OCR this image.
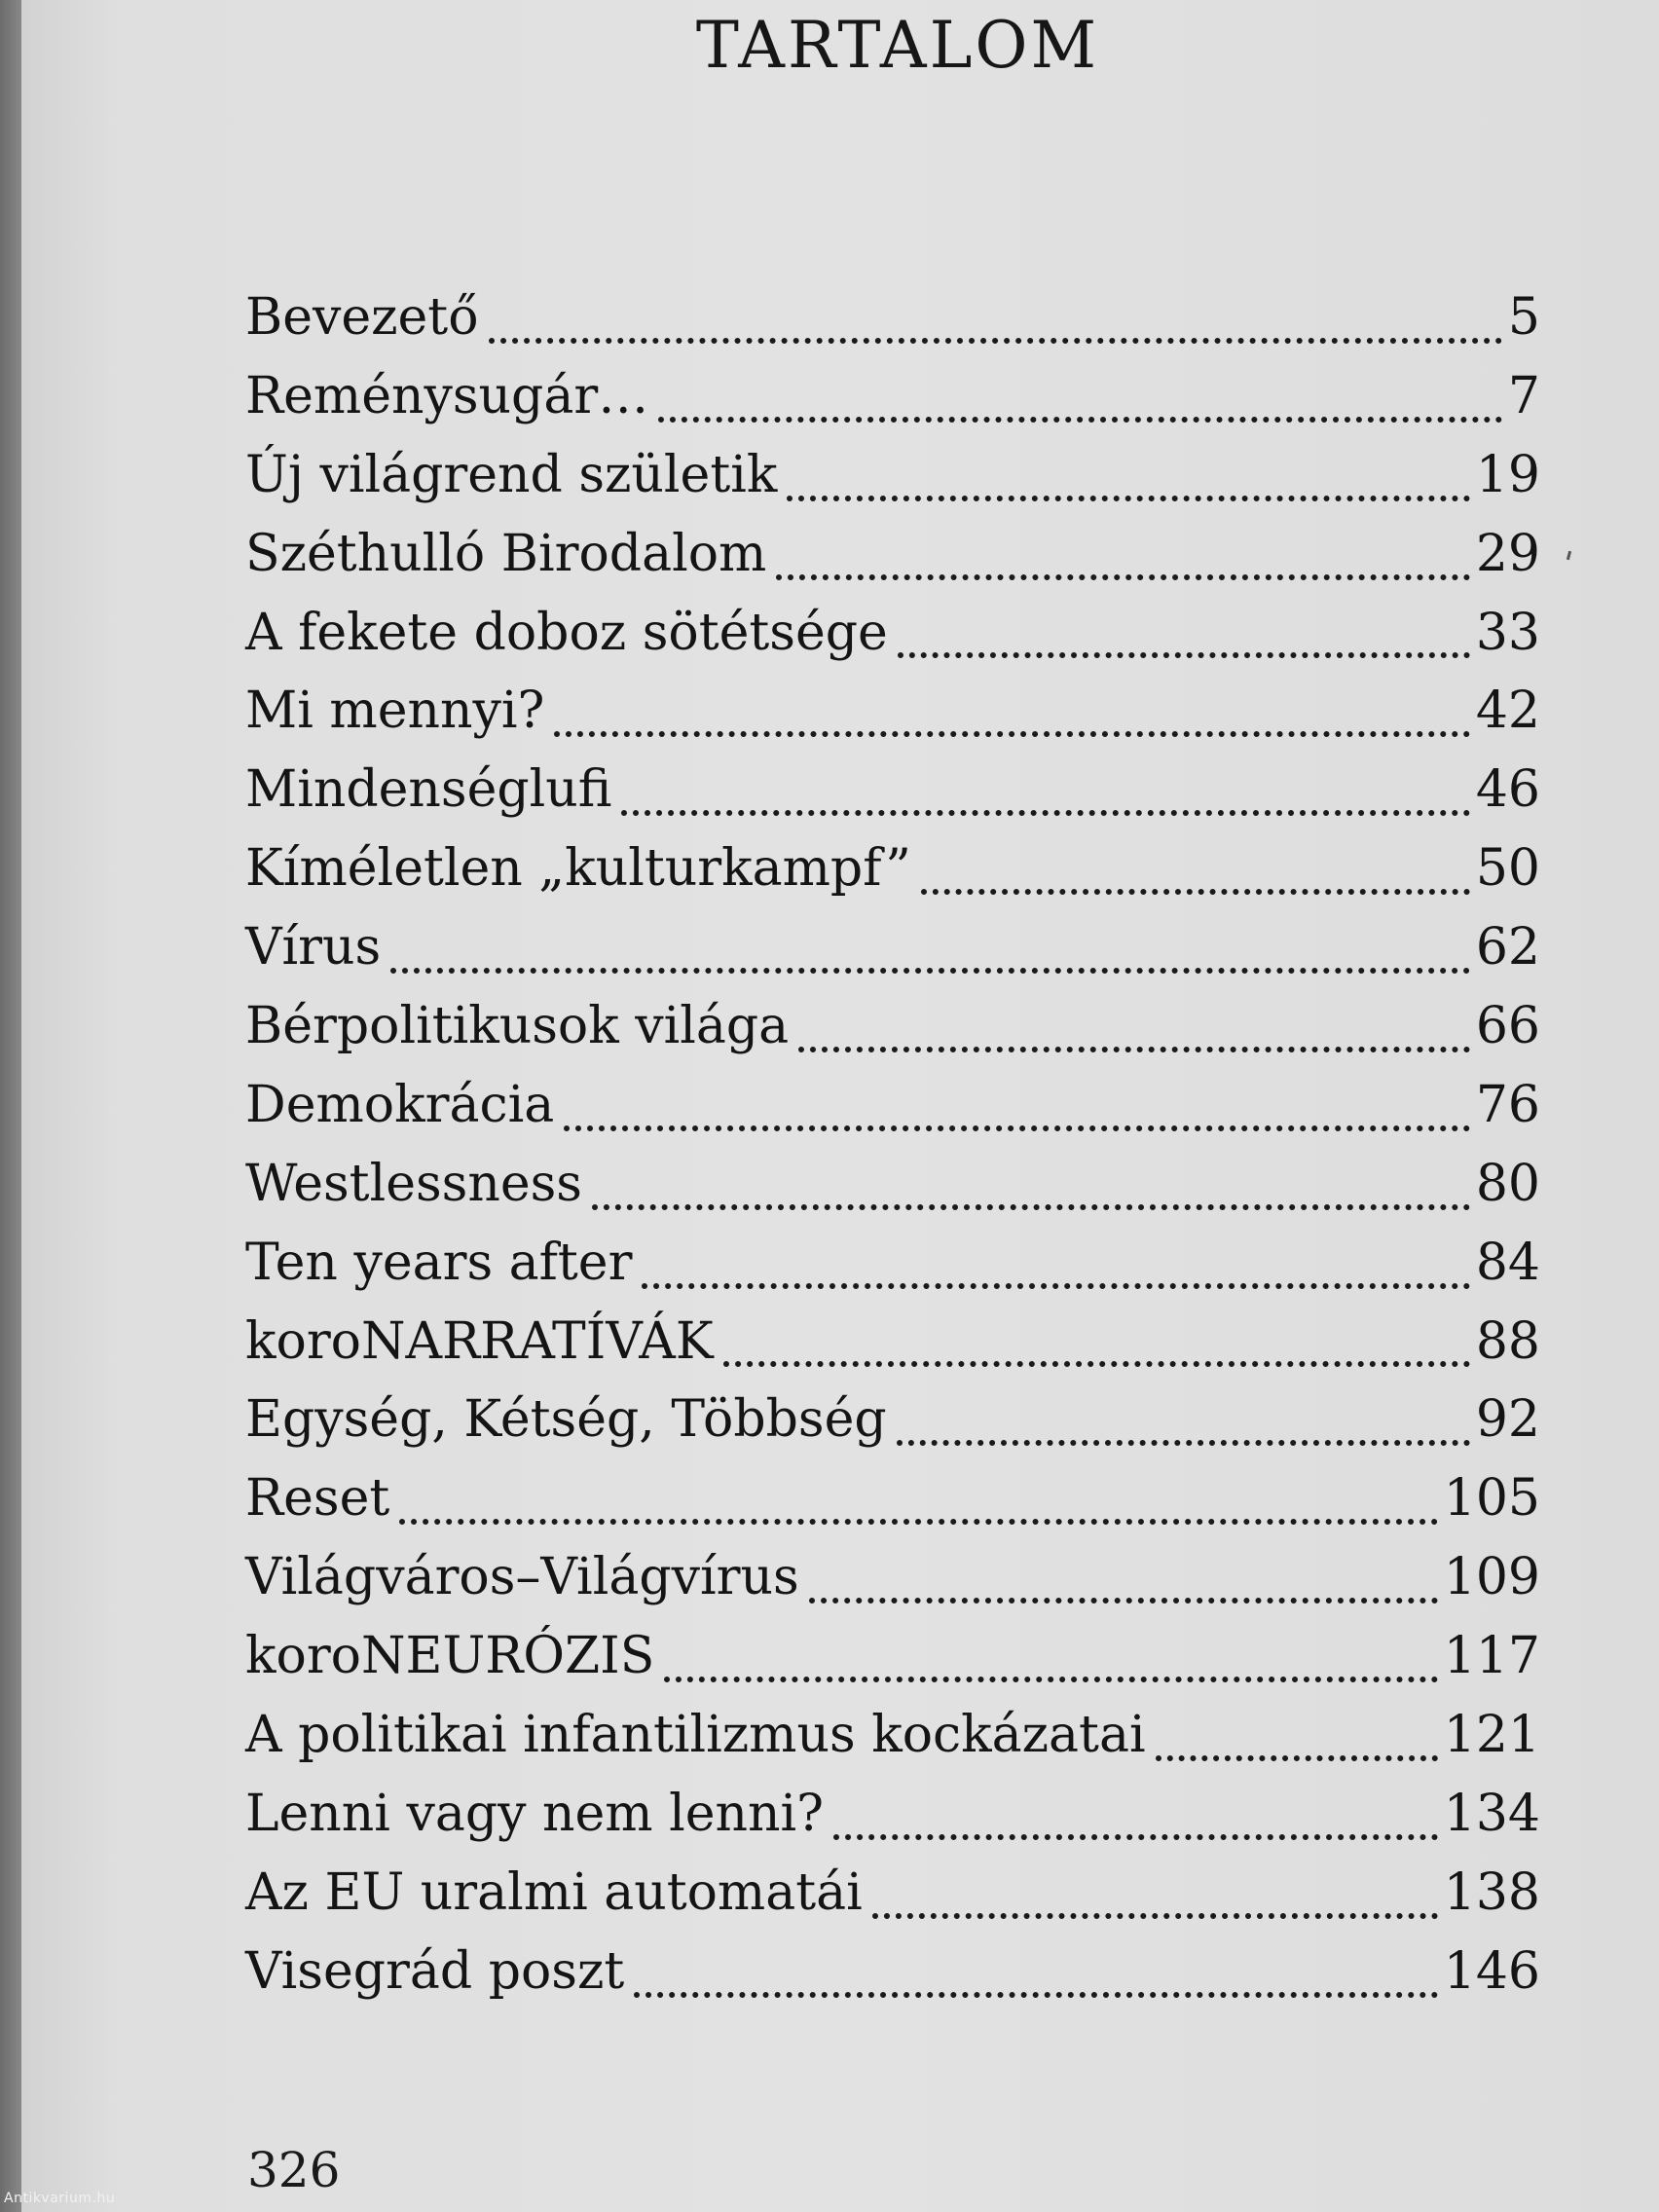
TARTALOM
Bevezető	5
Reménysugár…	7
Új világrend születik	19
Széthulló Birodalom	29
A fekete doboz sötétsége	33
Mi mennyi?	42
Mindenséglufi	46
Kíméletlen „kulturkampf”	50
Vírus	62
Bérpolitikusok világa	66
Demokrácia	76
Westlessness	80
Ten years after	84
koroNARRATÍVÁK	88
Egység, Kétség, Többség	92
Reset	105
Világváros–Világvírus	109
koroNEURÓZIS	117
A politikai infantilizmus kockázatai	121
Lenni vagy nem lenni?	134
Az EU uralmi automatái	138
Visegrád poszt	146
326
Antikvarium.hu
